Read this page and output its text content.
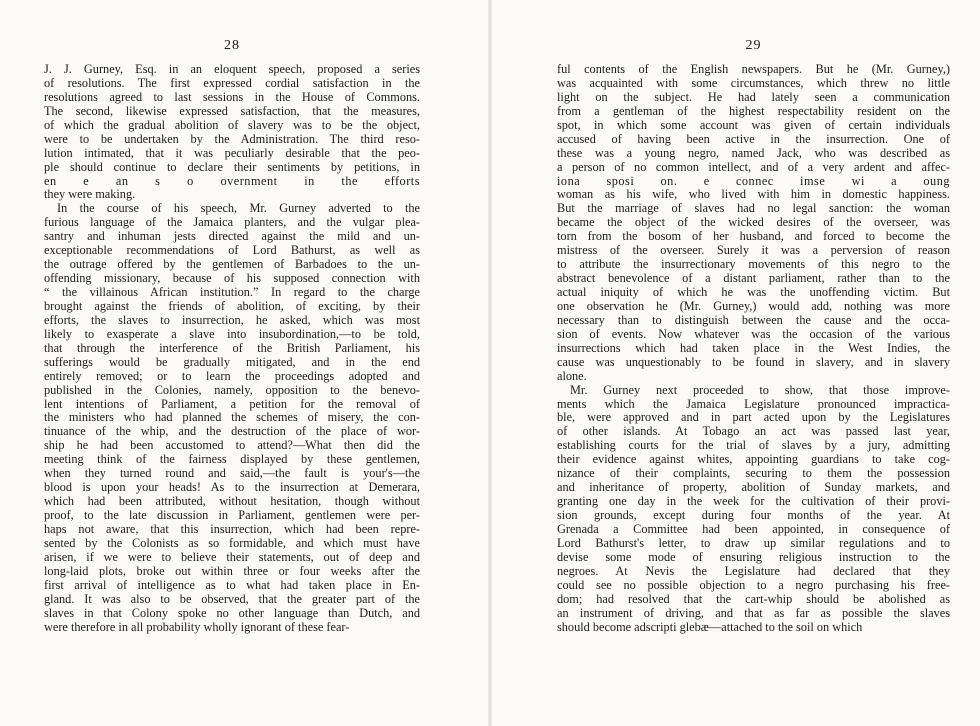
28
J. J. Gurney, Esq. in an eloquent speech, proposed a series
of resolutions. The first expressed cordial satisfaction in the
resolutions agreed to last sessions in the House of Commons.
The second, likewise expressed satisfaction, that the measures,
of which the gradual abolition of slavery was to be the object,
were to be undertaken by the Administration. The third reso-
lution intimated, that it was peculiarly desirable that the peo-
ple should continue to declare their sentiments by petitions, in
en e an s o overnment in the efforts
they were making.
In the course of his speech, Mr. Gurney adverted to the
furious language of the Jamaica planters, and the vulgar plea-
santry and inhuman jests directed against the mild and un-
exceptionable recommendations of Lord Bathurst, as well as
the outrage offered by the gentlemen of Barbadoes to the un-
offending missionary, because of his supposed connection with
“ the villainous African institution.” In regard to the charge
brought against the friends of abolition, of exciting, by their
efforts, the slaves to insurrection, he asked, which was most
likely to exasperate a slave into insubordination,—to be told,
that through the interference of the British Parliament, his
sufferings would be gradually mitigated, and in the end
entirely removed; or to learn the proceedings adopted and
published in the Colonies, namely, opposition to the benevo-
lent intentions of Parliament, a petition for the removal of
the ministers who had planned the schemes of misery, the con-
tinuance of the whip, and the destruction of the place of wor-
ship he had been accustomed to attend?—What then did the
meeting think of the fairness displayed by these gentlemen,
when they turned round and said,—the fault is your's—the
blood is upon your heads! As to the insurrection at Demerara,
which had been attributed, without hesitation, though without
proof, to the late discussion in Parliament, gentlemen were per-
haps not aware, that this insurrection, which had been repre-
sented by the Colonists as so formidable, and which must have
arisen, if we were to believe their statements, out of deep and
long-laid plots, broke out within three or four weeks after the
first arrival of intelligence as to what had taken place in En-
gland. It was also to be observed, that the greater part of the
slaves in that Colony spoke no other language than Dutch, and
were therefore in all probability wholly ignorant of these fear-
29
ful contents of the English newspapers. But he (Mr. Gurney,)
was acquainted with some circumstances, which threw no little
light on the subject. He had lately seen a communication
from a gentleman of the highest respectability resident on the
spot, in which some account was given of certain individuals
accused of having been active in the insurrection. One of
these was a young negro, named Jack, who was described as
a person of no common intellect, and of a very ardent and affec-
iona sposi on. e connec imse wi a oung
woman as his wife, who lived with him in domestic happiness.
But the marriage of slaves had no legal sanction: the woman
became the object of the wicked desires of the overseer, was
torn from the bosom of her husband, and forced to become the
mistress of the overseer. Surely it was a perversion of reason
to attribute the insurrectionary movements of this negro to the
abstract benevolence of a distant parliament, rather than to the
actual iniquity of which he was the unoffending victim. But
one observation he (Mr. Gurney,) would add, nothing was more
necessary than to distinguish between the cause and the occa-
sion of events. Now whatever was the occasion of the various
insurrections which had taken place in the West Indies, the
cause was unquestionably to be found in slavery, and in slavery
alone.
Mr. Gurney next proceeded to show, that those improve-
ments which the Jamaica Legislature pronounced impractica-
ble, were approved and in part acted upon by the Legislatures
of other islands. At Tobago an act was passed last year,
establishing courts for the trial of slaves by a jury, admitting
their evidence against whites, appointing guardians to take cog-
nizance of their complaints, securing to them the possession
and inheritance of property, abolition of Sunday markets, and
granting one day in the week for the cultivation of their provi-
sion grounds, except during four months of the year. At
Grenada a Committee had been appointed, in consequence of
Lord Bathurst's letter, to draw up similar regulations and to
devise some mode of ensuring religious instruction to the
negroes. At Nevis the Legislature had declared that they
could see no possible objection to a negro purchasing his free-
dom; had resolved that the cart-whip should be abolished as
an instrument of driving, and that as far as possible the slaves
should become adscripti glebæ—attached to the soil on which
